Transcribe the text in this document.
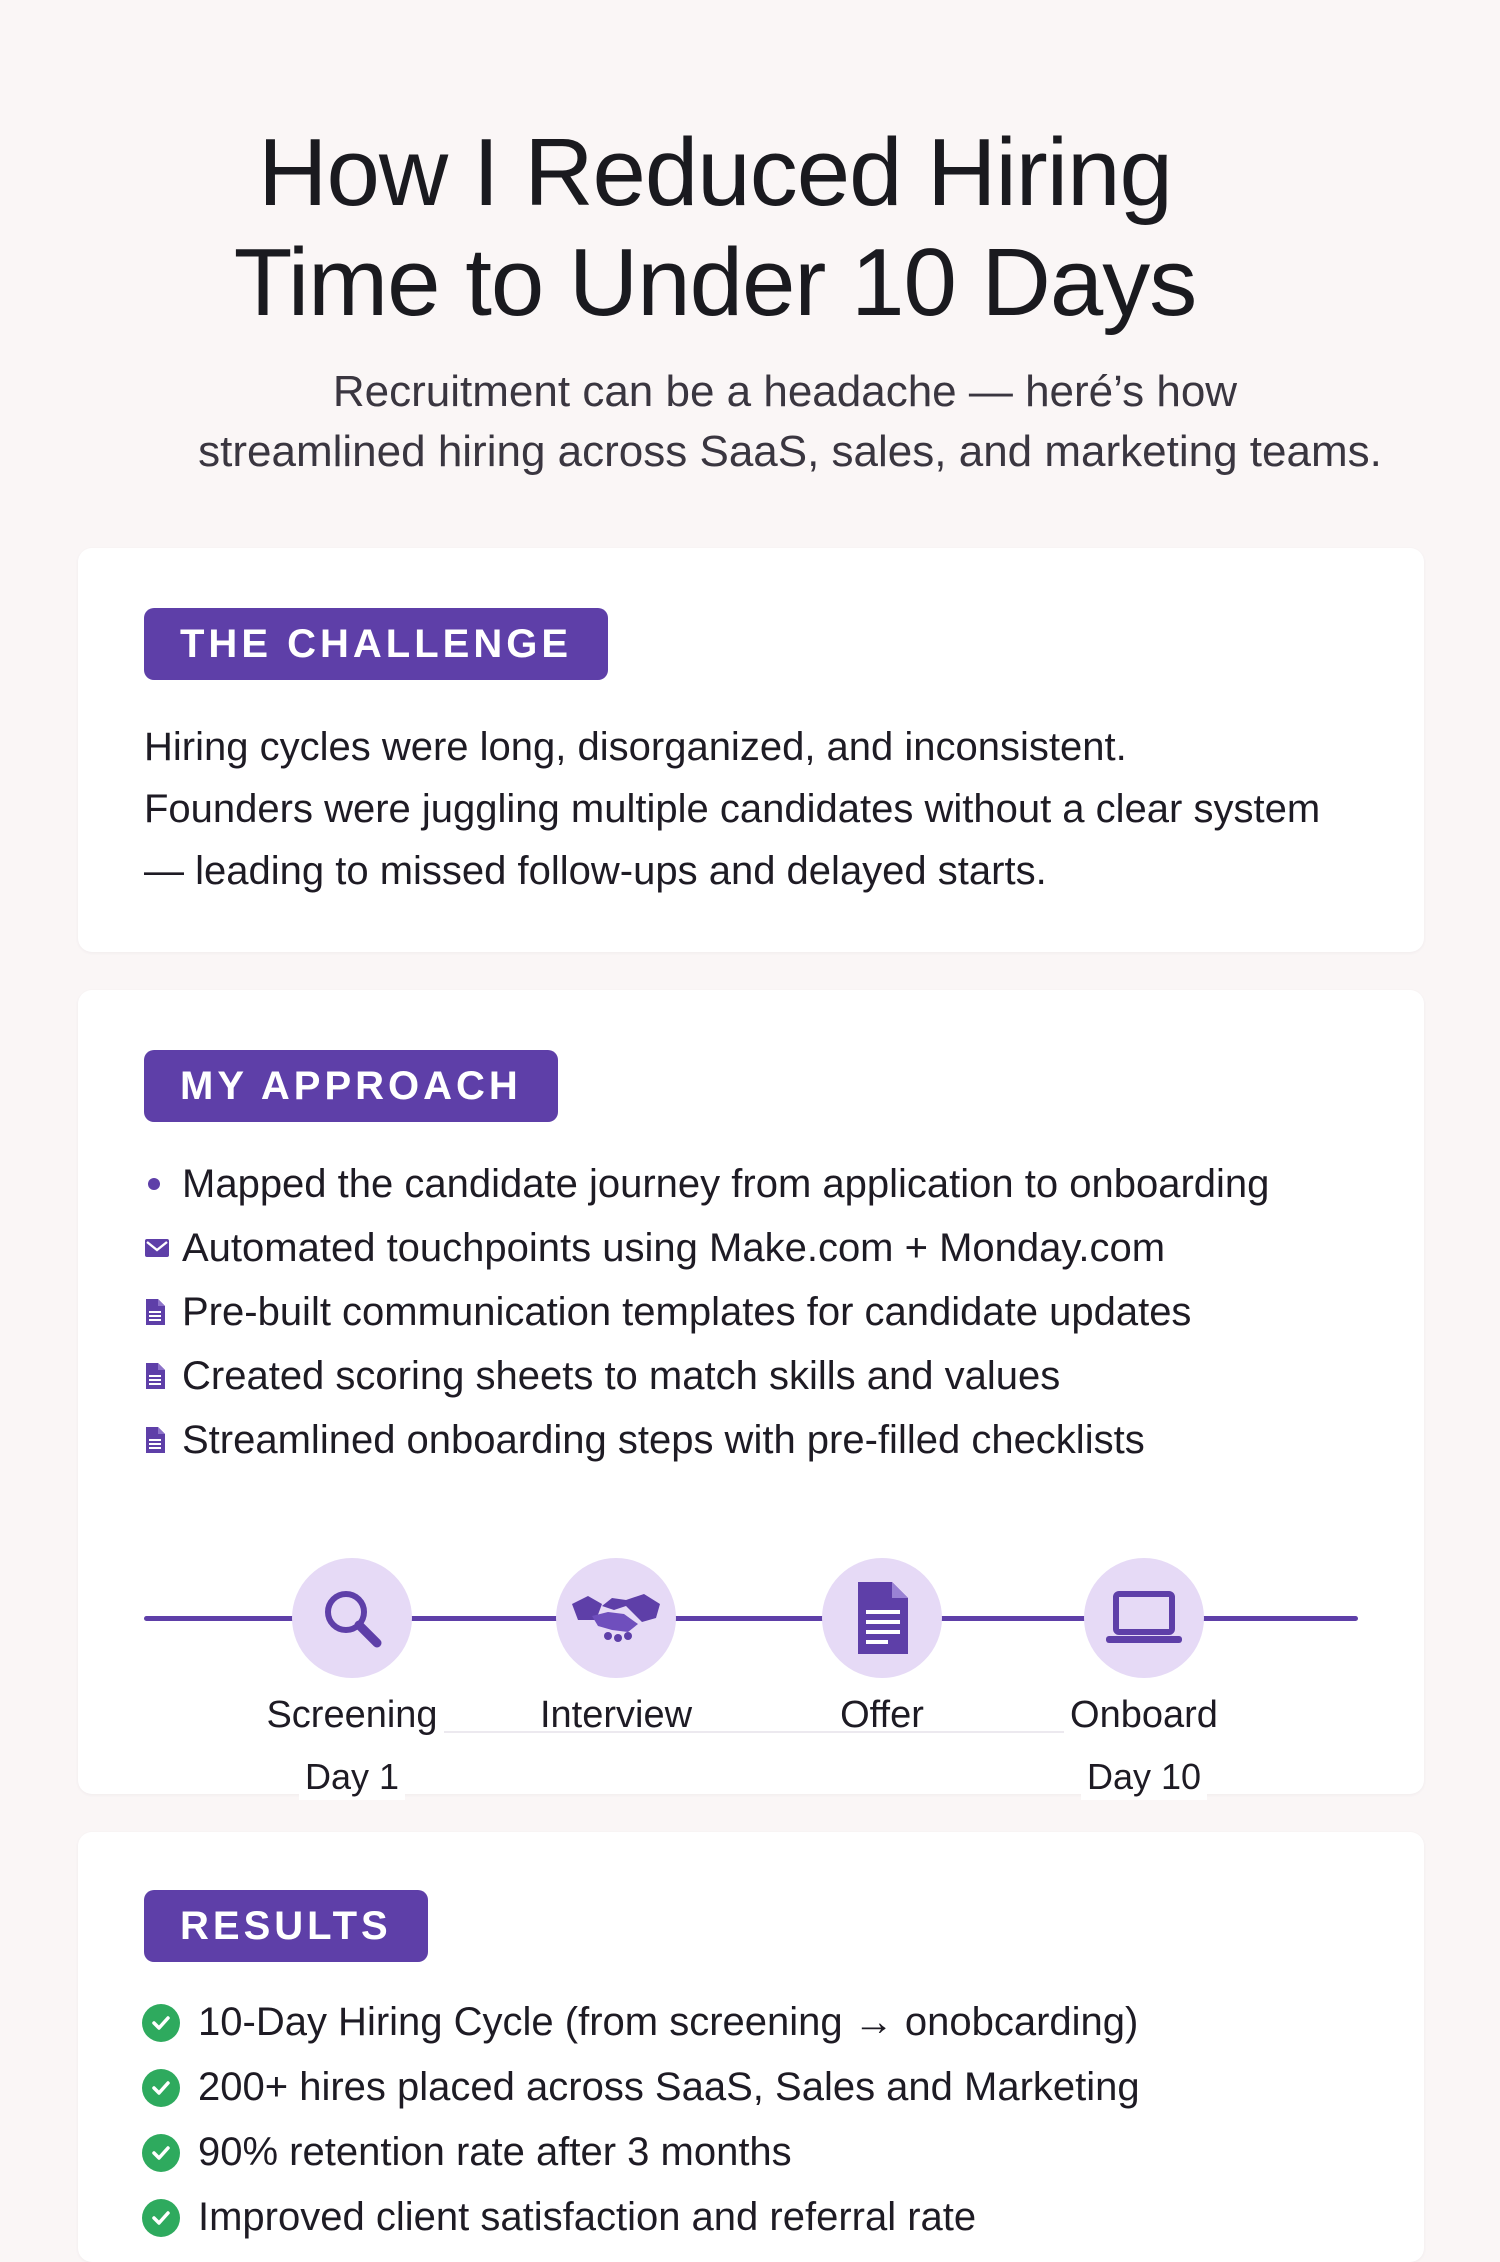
How I Reduced Hiring
Time to Under 10 Days

Recruitment can be a headache — heré’s how
streamlined hiring across SaaS, sales, and marketinɡ teams.

THE CHALLENGE
Hiring cycles were long, disorganized, and inconsistent.
Founders were juggling multiple candidates without a clear system
— leading to missed follow-ups and delayed starts.
MY APPROACH
Mapped the candidate journey from application to onboarding
Automated touchpoints using Make.com + Monday.com
Pre-built communication templates for candidate updates
Created scoring sheets to match skills and values
Streamlined onboarding steps with pre-filled checklists
Screening
Day 1
Interview	Offer	Onboard
Day 10
RESULTS
10-Day Hiring Cycle (from screening → onobcarding)
200+ hires placed across SaaS, Sales and Marketing
90% retention rate after 3 months
Improved client satisfaction and referral rate
